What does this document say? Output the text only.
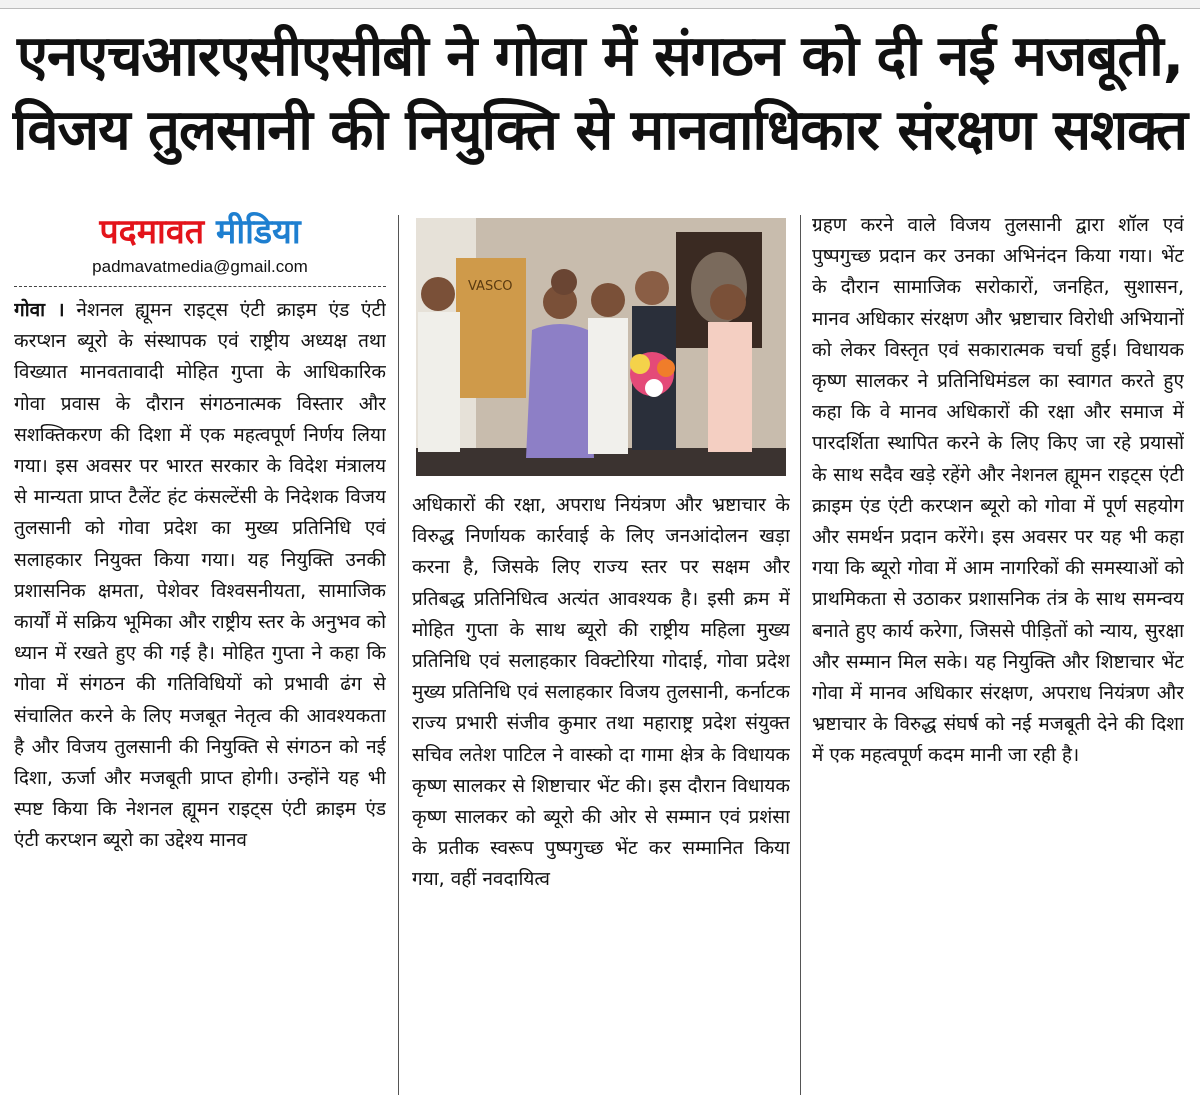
एनएचआरएसीएसीबी ने गोवा में संगठन को दी नई मजबूती,
विजय तुलसानी की नियुक्ति से मानवाधिकार संरक्षण सशक्त
पदमावत मीडिया
padmavatmedia@gmail.com

गोवा । नेशनल ह्यूमन राइट्स एंटी क्राइम एंड एंटी करप्शन ब्यूरो के संस्थापक एवं राष्ट्रीय अध्यक्ष तथा विख्यात मानवतावादी मोहित गुप्ता के आधिकारिक गोवा प्रवास के दौरान संगठनात्मक विस्तार और सशक्तिकरण की दिशा में एक महत्वपूर्ण निर्णय लिया गया। इस अवसर पर भारत सरकार के विदेश मंत्रालय से मान्यता प्राप्त टैलेंट हंट कंसल्टेंसी के निदेशक विजय तुलसानी को गोवा प्रदेश का मुख्य प्रतिनिधि एवं सलाहकार नियुक्त किया गया। यह नियुक्ति उनकी प्रशासनिक क्षमता, पेशेवर विश्वसनीयता, सामाजिक कार्यों में सक्रिय भूमिका और राष्ट्रीय स्तर के अनुभव को ध्यान में रखते हुए की गई है। मोहित गुप्ता ने कहा कि गोवा में संगठन की गतिविधियों को प्रभावी ढंग से संचालित करने के लिए मजबूत नेतृत्व की आवश्यकता है और विजय तुलसानी की नियुक्ति से संगठन को नई दिशा, ऊर्जा और मजबूती प्राप्त होगी। उन्होंने यह भी स्पष्ट किया कि नेशनल ह्यूमन राइट्स एंटी क्राइम एंड एंटी करप्शन ब्यूरो का उद्देश्य मानव

VASCO

अधिकारों की रक्षा, अपराध नियंत्रण और भ्रष्टाचार के विरुद्ध निर्णायक कार्रवाई के लिए जनआंदोलन खड़ा करना है, जिसके लिए राज्य स्तर पर सक्षम और प्रतिबद्ध प्रतिनिधित्व अत्यंत आवश्यक है। इसी क्रम में मोहित गुप्ता के साथ ब्यूरो की राष्ट्रीय महिला मुख्य प्रतिनिधि एवं सलाहकार विक्टोरिया गोदाई, गोवा प्रदेश मुख्य प्रतिनिधि एवं सलाहकार विजय तुलसानी, कर्नाटक राज्य प्रभारी संजीव कुमार तथा महाराष्ट्र प्रदेश संयुक्त सचिव लतेश पाटिल ने वास्को दा गामा क्षेत्र के विधायक कृष्ण सालकर से शिष्टाचार भेंट की। इस दौरान विधायक कृष्ण सालकर को ब्यूरो की ओर से सम्मान एवं प्रशंसा के प्रतीक स्वरूप पुष्पगुच्छ भेंट कर सम्मानित किया गया, वहीं नवदायित्व

ग्रहण करने वाले विजय तुलसानी द्वारा शॉल एवं पुष्पगुच्छ प्रदान कर उनका अभिनंदन किया गया। भेंट के दौरान सामाजिक सरोकारों, जनहित, सुशासन, मानव अधिकार संरक्षण और भ्रष्टाचार विरोधी अभियानों को लेकर विस्तृत एवं सकारात्मक चर्चा हुई। विधायक कृष्ण सालकर ने प्रतिनिधिमंडल का स्वागत करते हुए कहा कि वे मानव अधिकारों की रक्षा और समाज में पारदर्शिता स्थापित करने के लिए किए जा रहे प्रयासों के साथ सदैव खड़े रहेंगे और नेशनल ह्यूमन राइट्स एंटी क्राइम एंड एंटी करप्शन ब्यूरो को गोवा में पूर्ण सहयोग और समर्थन प्रदान करेंगे। इस अवसर पर यह भी कहा गया कि ब्यूरो गोवा में आम नागरिकों की समस्याओं को प्राथमिकता से उठाकर प्रशासनिक तंत्र के साथ समन्वय बनाते हुए कार्य करेगा, जिससे पीड़ितों को न्याय, सुरक्षा और सम्मान मिल सके। यह नियुक्ति और शिष्टाचार भेंट गोवा में मानव अधिकार संरक्षण, अपराध नियंत्रण और भ्रष्टाचार के विरुद्ध संघर्ष को नई मजबूती देने की दिशा में एक महत्वपूर्ण कदम मानी जा रही है।
